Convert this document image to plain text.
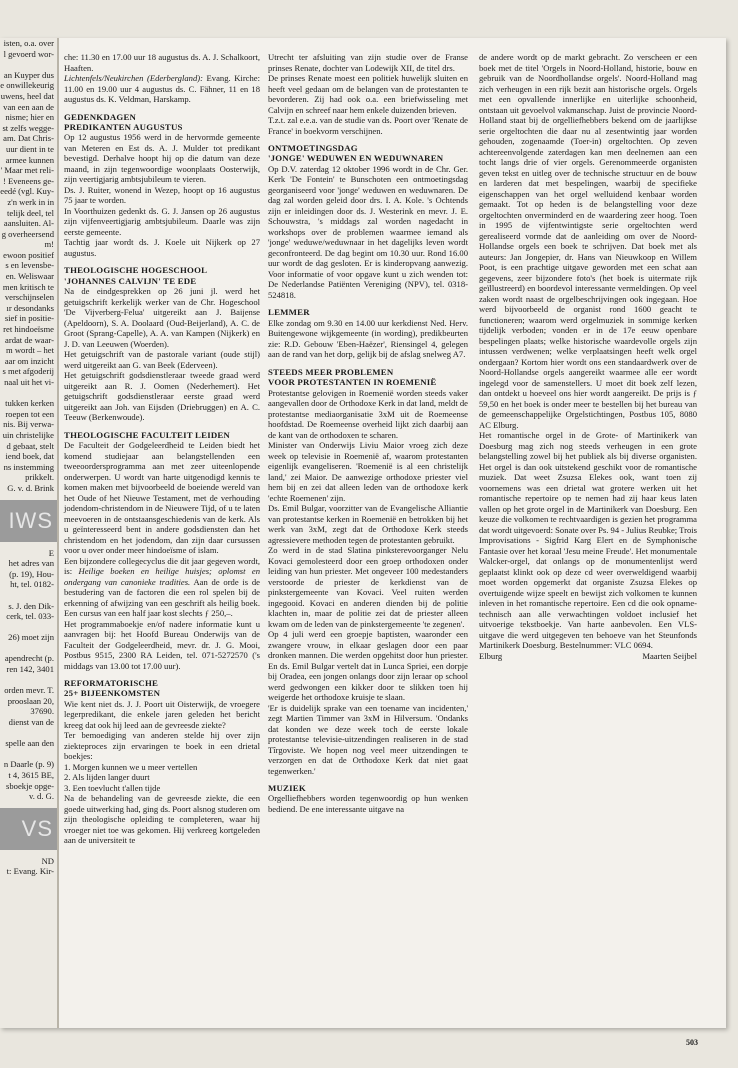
isten, o.a. over
l gevoerd wor-

an Kuyper dus
e onwillekeurig
uwens, heel dat
van een aan de
nisme; hier en
st zelfs wegge-
am. Dat Chris-
uur dient in te
armee kunnen
' Maar met reli-
! Eveneens ge-
eedé (vgl. Kuy-
z'n werk in in
telijk deel, tel
aansluiten. Al-
g overheersend
m!
ewoon positief
s en levensbe-
en. Weliswaar
men kritisch te
verschijnselen
ır desondanks
sief in positie-
ret hindoeïsme
ardat de waar-
m wordt – het
aar om inzicht
s met afgoderij
naal uit het vi-

tukken kerken
roepen tot een
nis. Bij verwa-
uin christelijke
d gebaat, stelt
iend boek, dat
ns instemming
prikkelt.
G. v. d. Brink
IWS
E
het adres van
(p. 19), Hou-
ht, tel. 0182-

s. J. den Dik-
cerk, tel. 033-

26) moet zijn

apendrecht (p.
ren 142, 3401

orden mevr. T.
prooslaan 20,
37690.
dienst van de

spelle aan den

n Daarle (p. 9)
t 4, 3615 BE,
sboekje opge-
v. d. G.
VS
ND
t: Evang. Kir-

che: 11.30 en 17.00 uur 18 augustus ds. A. J. Schalkoort, Haaften.

Lichtenfels/Neukirchen (Ederbergland): Evang. Kirche: 11.00 en 19.00 uur 4 augustus ds. C. Fähner, 11 en 18 augustus ds. K. Veldman, Harskamp.

GEDENKDAGEN
PREDIKANTEN AUGUSTUS

Op 12 augustus 1956 werd in de hervormde gemeente van Meteren en Est ds. A. J. Mulder tot predikant bevestigd. Derhalve hoopt hij op die datum van deze maand, in zijn tegenwoordige woonplaats Oosterwijk, zijn veertigjarig ambtsjubileum te vieren.

Ds. J. Ruiter, wonend in Wezep, hoopt op 16 augustus 75 jaar te worden.

In Voorthuizen gedenkt ds. G. J. Jansen op 26 augustus zijn vijfenveertigjarig ambtsjubileum. Daarle was zijn eerste gemeente.

Tachtig jaar wordt ds. J. Koele uit Nijkerk op 27 augustus.

THEOLOGISCHE HOGESCHOOL
'JOHANNES CALVIJN' TE EDE

Na de eindgesprekken op 26 juni jl. werd het getuigschrift kerkelijk werker van de Chr. Hogeschool 'De Vijverberg-Felua' uitgereikt aan J. Baijense (Apeldoorn), S. A. Doolaard (Oud-Beijerland), A. C. de Groot (Sprang-Capelle), A. A. van Kampen (Nijkerk) en J. D. van Leeuwen (Woerden).

Het getuigschrift van de pastorale variant (oude stijl) werd uitgereikt aan G. van Beek (Ederveen).

Het getuigschrift godsdienstleraar tweede graad werd uitgereikt aan R. J. Oomen (Nederhemert). Het getuigschrift godsdienstleraar eerste graad werd uitgereikt aan Joh. van Eijsden (Driebruggen) en A. C. Teeuw (Berkenwoude).

THEOLOGISCHE FACULTEIT LEIDEN

De Faculteit der Godgeleerdheid te Leiden biedt het komend studiejaar aan belangstellenden een tweeoordersprogramma aan met zeer uiteenlopende onderwerpen. U wordt van harte uitgenodigd kennis te komen maken met bijvoorbeeld de boeiende wereld van het Oude of het Nieuwe Testament, met de verhouding jodendom-christendom in de Nieuwere Tijd, of u te laten meevoeren in de ontstaansgeschiedenis van de kerk. Als u geïnteresseerd bent in andere godsdiensten dan het christendom en het jodendom, dan zijn daar cursussen voor u over onder meer hindoeïsme of islam.

Een bijzondere collegecyclus die dit jaar gegeven wordt, is: Heilige boeken en heilige huisjes; oplomst en ondergang van canonieke tradities. Aan de orde is de bestudering van de factoren die een rol spelen bij de erkenning of afwijzing van een geschrift als heilig boek. Een cursus van een half jaar kost slechts ƒ 250,–.

Het programmaboekje en/of nadere informatie kunt u aanvragen bij: het Hoofd Bureau Onderwijs van de Faculteit der Godgeleerdheid, mevr. dr. J. G. Mooi, Postbus 9515, 2300 RA Leiden, tel. 071-5272570 ('s middags van 13.00 tot 17.00 uur).

REFORMATORISCHE
25+ BIJEENKOMSTEN

Wie kent niet ds. J. J. Poort uit Oisterwijk, de vroegere legerpredikant, die enkele jaren geleden het bericht kreeg dat ook hij leed aan de gevreesde ziekte?

Ter bemoediging van anderen stelde hij over zijn ziekteproces zijn ervaringen te boek in een drietal boekjes:

1. Morgen kunnen we u meer vertellen

2. Als lijden langer duurt

3. Een toevlucht t'allen tijde

Na de behandeling van de gevreesde ziekte, die een goede uitwerking had, ging ds. Poort alsnog studeren om zijn theologische opleiding te completeren, waar hij vroeger niet toe was gekomen. Hij verkreeg kortgeleden aan de universiteit te

Utrecht ter afsluiting van zijn studie over de Franse prinses Renate, dochter van Lodewijk XII, de titel drs.

De prinses Renate moest een politiek huwelijk sluiten en heeft veel gedaan om de belangen van de protestanten te bevorderen. Zij had ook o.a. een briefwisseling met Calvijn en schreef naar hem enkele duizenden brieven.

T.z.t. zal e.e.a. van de studie van ds. Poort over 'Renate de France' in boekvorm verschijnen.

ONTMOETINGSDAG
'JONGE' WEDUWEN EN WEDUWNAREN

Op D.V. zaterdag 12 oktober 1996 wordt in de Chr. Ger. Kerk 'De Fontein' te Bunschoten een ontmoetingsdag georganiseerd voor 'jonge' weduwen en weduwnaren. De dag zal worden geleid door drs. I. A. Kole. 's Ochtends zijn er inleidingen door ds. J. Westerink en mevr. J. E. Schouwstra, 's middags zal worden nagedacht in workshops over de problemen waarmee iemand als 'jonge' weduwe/weduwnaar in het dagelijks leven wordt geconfronteerd. De dag begint om 10.30 uur. Rond 16.00 uur wordt de dag gesloten. Er is kinderopvang aanwezig. Voor informatie of voor opgave kunt u zich wenden tot: De Nederlandse Patiënten Vereniging (NPV), tel. 0318-524818.

LEMMER

Elke zondag om 9.30 en 14.00 uur kerkdienst Ned. Herv. Buitengewone wijkgemeente (in wording), predikbeurten zie: R.D. Gebouw 'Eben-Haëzer', Riensingel 4, gelegen aan de rand van het dorp, gelijk bij de afslag snelweg A7.

STEEDS MEER PROBLEMEN
VOOR PROTESTANTEN IN ROEMENIË

Protestantse gelovigen in Roemenië worden steeds vaker aangevallen door de Orthodoxe Kerk in dat land, meldt de protestantse mediaorganisatie 3xM uit de Roemeense hoofdstad. De Roemeense overheid lijkt zich daarbij aan de kant van de orthodoxen te scharen.

Minister van Onderwijs Liviu Maior vroeg zich deze week op televisie in Roemenië af, waarom protestanten eigenlijk evangeliseren. 'Roemenië is al een christelijk land,' zei Maior. De aanwezige orthodoxe priester viel hem bij en zei dat alleen leden van de orthodoxe kerk 'echte Roemenen' zijn.

Ds. Emil Bulgar, voorzitter van de Evangelische Alliantie van protestantse kerken in Roemenië en betrokken bij het werk van 3xM, zegt dat de Orthodoxe Kerk steeds agressievere methoden tegen de protestanten gebruikt.

Zo werd in de stad Slatina pinksterevoorganger Nelu Kovaci gemolesteerd door een groep orthodoxen onder leiding van hun priester. Met ongeveer 100 medestanders verstoorde de priester de kerkdienst van de pinkstergemeente van Kovaci. Veel ruiten werden ingegooid. Kovaci en anderen dienden bij de politie klachten in, maar de politie zei dat de priester alleen kwam om de leden van de pinkstergemeente 'te zegenen'.

Op 4 juli werd een groepje baptisten, waaronder een zwangere vrouw, in elkaar geslagen door een paar dronken mannen. Die werden opgehitst door hun priester. En ds. Emil Bulgar vertelt dat in Lunca Spriei, een dorpje bij Oradea, een jongen onlangs door zijn leraar op school werd gedwongen een kikker door te slikken toen hij weigerde het orthodoxe kruisje te slaan.

'Er is duidelijk sprake van een toename van incidenten,' zegt Martien Timmer van 3xM in Hilversum. 'Ondanks dat konden we deze week toch de eerste lokale protestantse televisie-uitzendingen realiseren in de stad Tîrgoviste. We hopen nog veel meer uitzendingen te verzorgen en dat de Orthodoxe Kerk dat niet gaat tegenwerken.'

MUZIEK

Orgelliefhebbers worden tegenwoordig op hun wenken bediend. De ene interessante uitgave na

de andere wordt op de markt gebracht. Zo verscheen er een boek met de titel 'Orgels in Noord-Holland, historie, bouw en gebruik van de Noordhollandse orgels'. Noord-Holland mag zich verheugen in een rijk bezit aan historische orgels. Orgels met een opvallende innerlijke en uiterlijke schoonheid, ontstaan uit gevoelvol vakmanschap. Juist de provincie Noord-Holland staat bij de orgelliefhebbers bekend om de jaarlijkse serie orgeltochten die daar nu al zesentwintig jaar worden gehouden, zogenaamde (Toer-in) orgeltochten. Op zeven achtereenvolgende zaterdagen kan men deelnemen aan een tocht langs drie of vier orgels. Gerenommeerde organisten geven tekst en uitleg over de technische structuur en de bouw en larderen dat met bespelingen, waarbij de specifieke eigenschappen van het orgel welluidend kenbaar worden gemaakt. Tot op heden is de belangstelling voor deze orgeltochten onverminderd en de waardering zeer hoog. Toen in 1995 de vijfentwintigste serie orgeltochten werd gerealiseerd vormde dat de aanleiding om over de Noord-Hollandse orgels een boek te schrijven. Dat boek met als auteurs: Jan Jongepier, dr. Hans van Nieuwkoop en Willem Poot, is een prachtige uitgave geworden met een schat aan gegevens, zeer bijzondere foto's (het boek is uitermate rijk geïllustreerd) en boordevol interessante vermeldingen. Op veel zaken wordt naast de orgelbeschrijvingen ook ingegaan. Hoe werd bijvoorbeeld de organist rond 1600 geacht te functioneren; waarom werd orgelmuziek in sommige kerken tijdelijk verboden; vonden er in de 17e eeuw openbare bespelingen plaats; welke historische waardevolle orgels zijn intussen verdwenen; welke verplaatsingen heeft welk orgel ondergaan? Kortom hier wordt ons een standaardwerk over de Noord-Hollandse orgels aangereikt waarmee alle eer wordt ingelegd voor de samenstellers. U moet dit boek zelf lezen, dan ontdekt u hoeveel ons hier wordt aangereikt. De prijs is ƒ 59,50 en het boek is onder meer te bestellen bij het bureau van de gemeenschappelijke Orgelstichtingen, Postbus 105, 8080 AC Elburg.

Het romantische orgel in de Grote- of Martinikerk van Doesburg mag zich nog steeds verheugen in een grote belangstelling zowel bij het publiek als bij diverse organisten. Het orgel is dan ook uitstekend geschikt voor de romantische muziek. Dat weet Zsuzsa Elekes ook, want toen zij voornemens was een drietal wat grotere werken uit het romantische repertoire op te nemen had zij haar keus laten vallen op het grote orgel in de Martinikerk van Doesburg. Een keuze die volkomen te rechtvaardigen is gezien het programma dat wordt uitgevoerd: Sonate over Ps. 94 - Julius Reubke; Trois Improvisations - Sigfrid Karg Elert en de Symphonische Fantasie over het koraal 'Jesu meine Freude'. Het monumentale Walcker-orgel, dat onlangs op de monumentenlijst werd geplaatst klinkt ook op deze cd weer overweldigend waarbij moet worden opgemerkt dat organiste Zsuzsa Elekes op overtuigende wijze speelt en bewijst zich volkomen te kunnen inleven in het romantische repertoire. Een cd die ook opname-technisch aan alle verwachtingen voldoet inclusief het uitvoerige tekstboekje. Van harte aanbevolen. Een VLS-uitgave die werd uitgegeven ten behoeve van het Steunfonds Martinikerk Doesburg. Bestelnummer: VLC 0694.

Elburg	Maarten Seijbel
503
